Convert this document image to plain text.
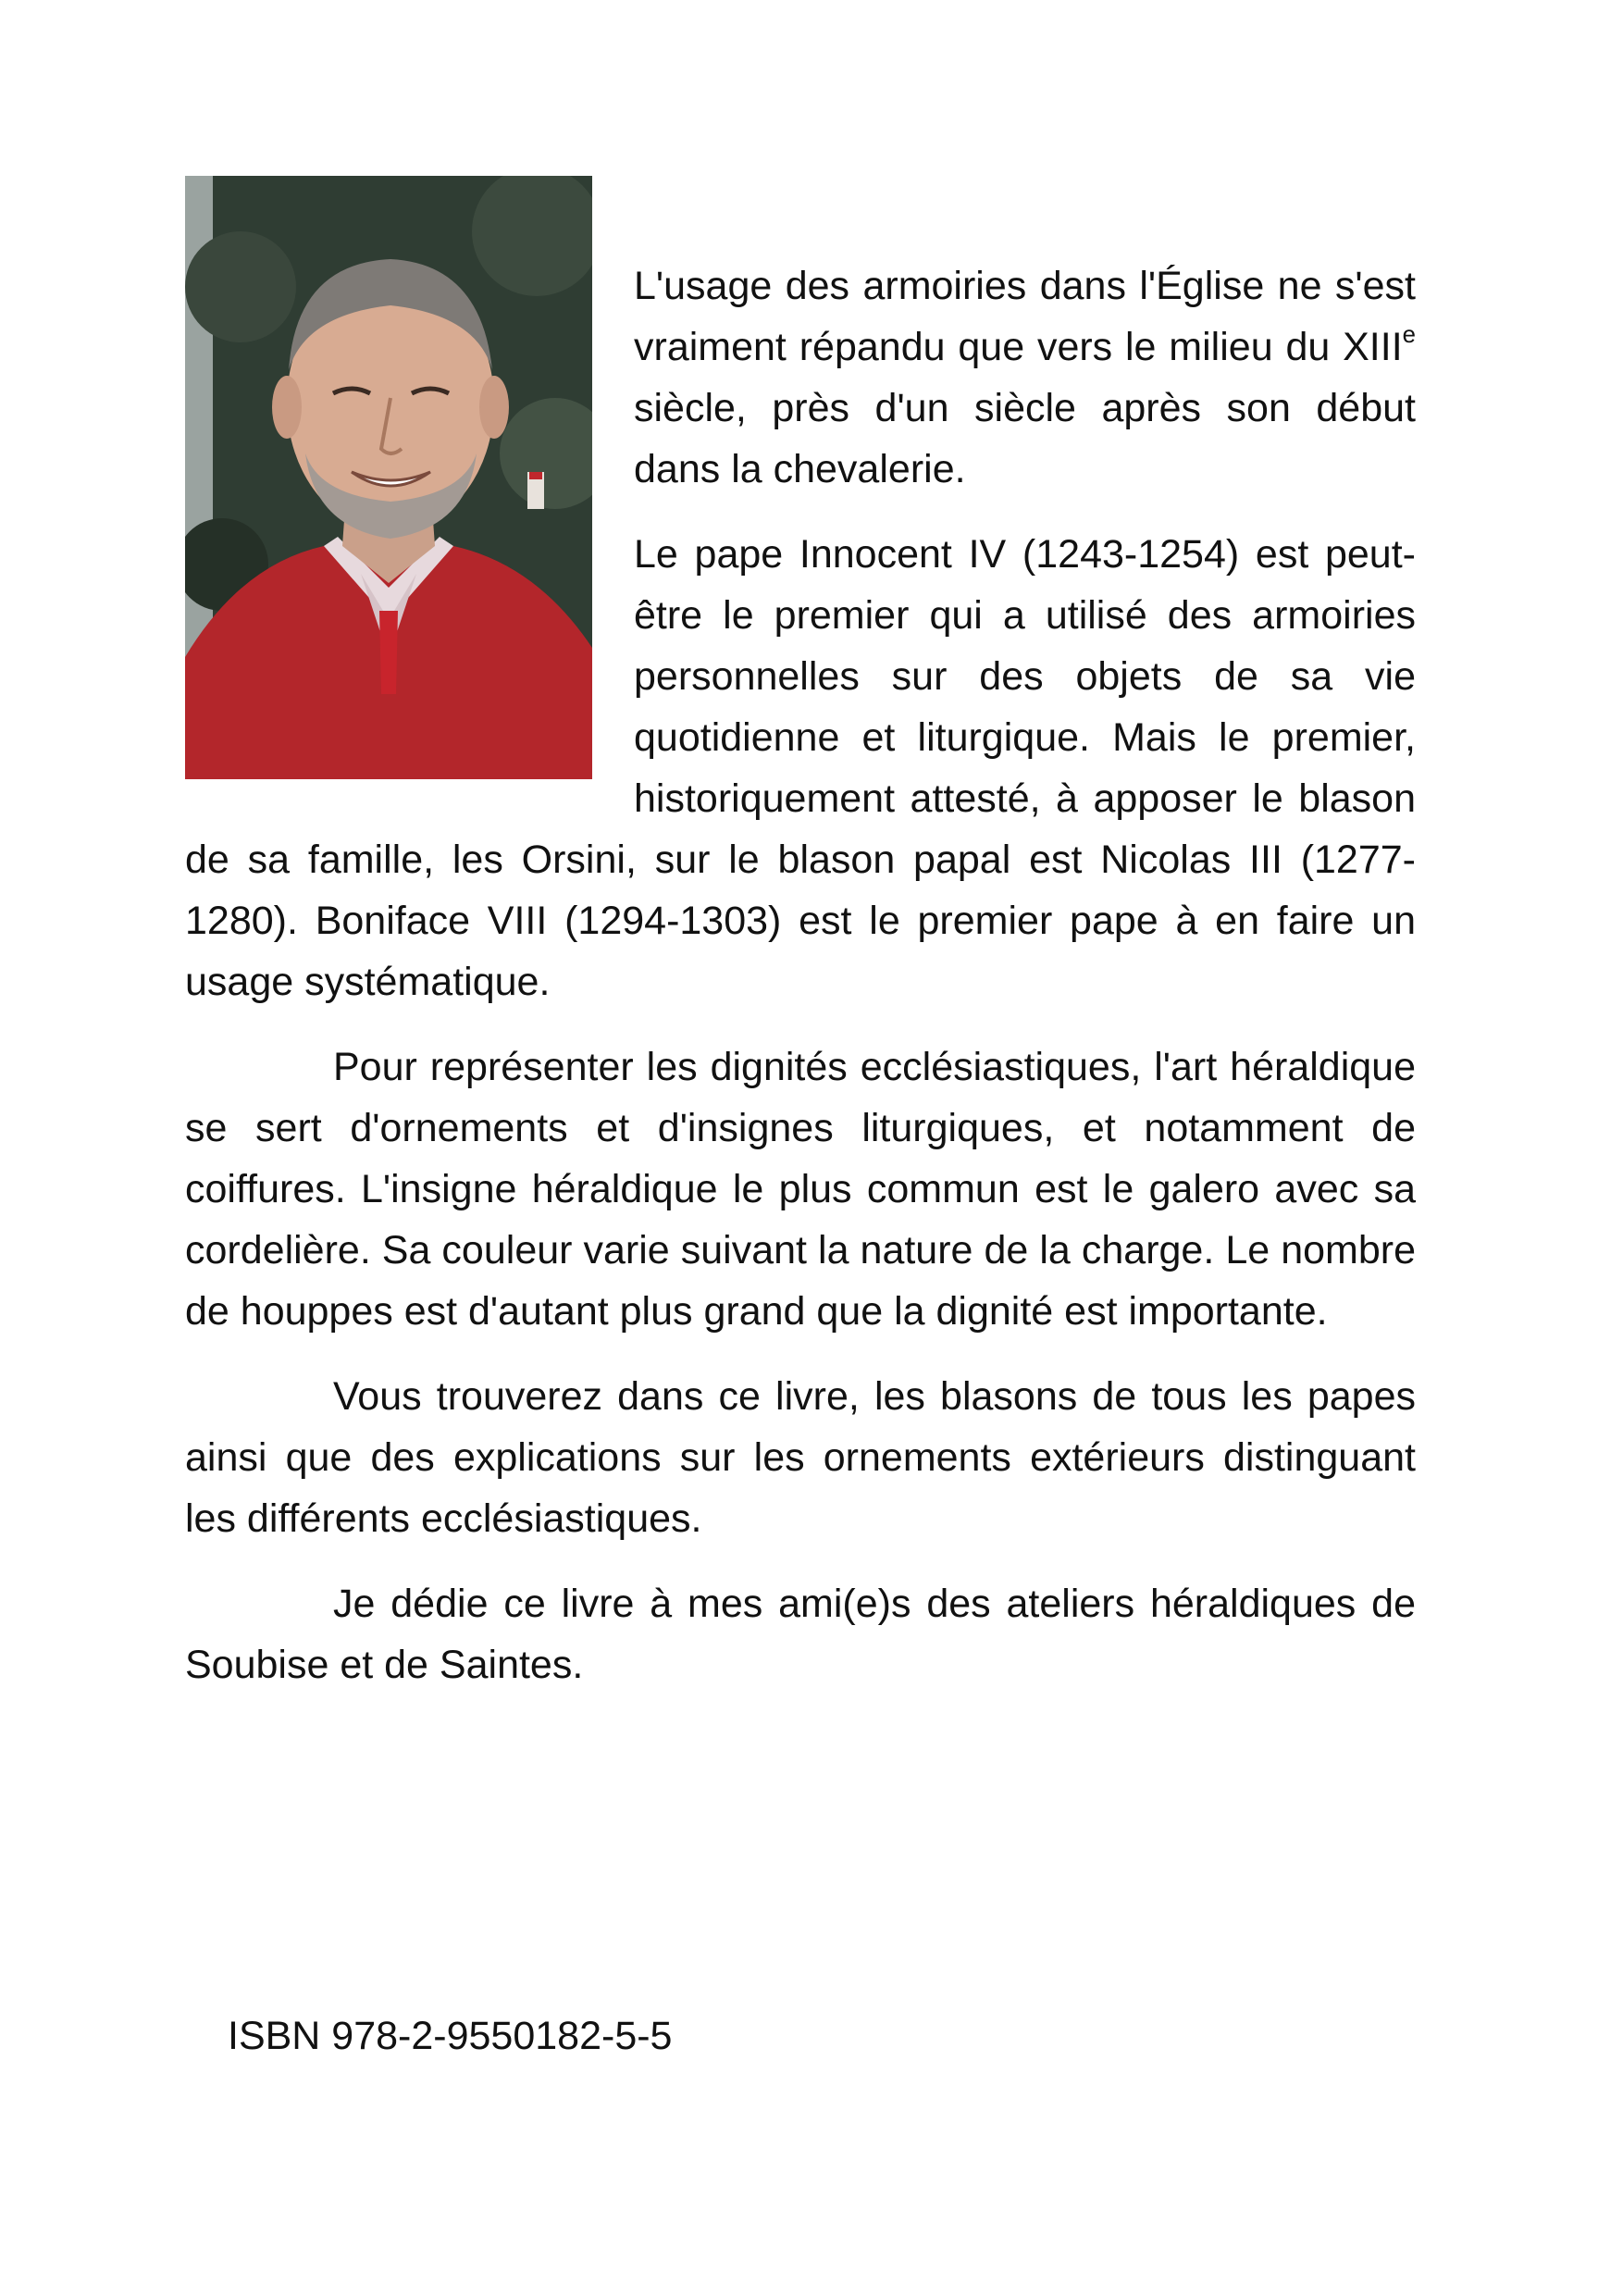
L'usage des armoiries dans l'Église ne s'est vraiment répandu que vers le milieu du XIIIe siècle, près d'un siècle après son début dans la chevalerie.

Le pape Innocent IV (1243-1254) est peut-être le premier qui a utilisé des armoiries personnelles sur des objets de sa vie quotidienne et liturgique. Mais le premier, historiquement attesté, à apposer le blason de sa famille, les Orsini, sur le blason papal est Nicolas III (1277-1280). Boniface VIII (1294-1303) est le premier pape à en faire un usage systématique.

Pour représenter les dignités ecclésiastiques, l'art héraldique se sert d'ornements et d'insignes liturgiques, et notamment de coiffures. L'insigne héraldique le plus commun est le galero avec sa cordelière. Sa couleur varie suivant la nature de la charge. Le nombre de houppes est d'autant plus grand que la dignité est importante.

Vous trouverez dans ce livre, les blasons de tous les papes ainsi que des explications sur les ornements extérieurs distinguant les différents ecclésiastiques.

Je dédie ce livre à mes ami(e)s des ateliers héraldiques de Soubise et de Saintes.

ISBN 978-2-9550182-5-5
